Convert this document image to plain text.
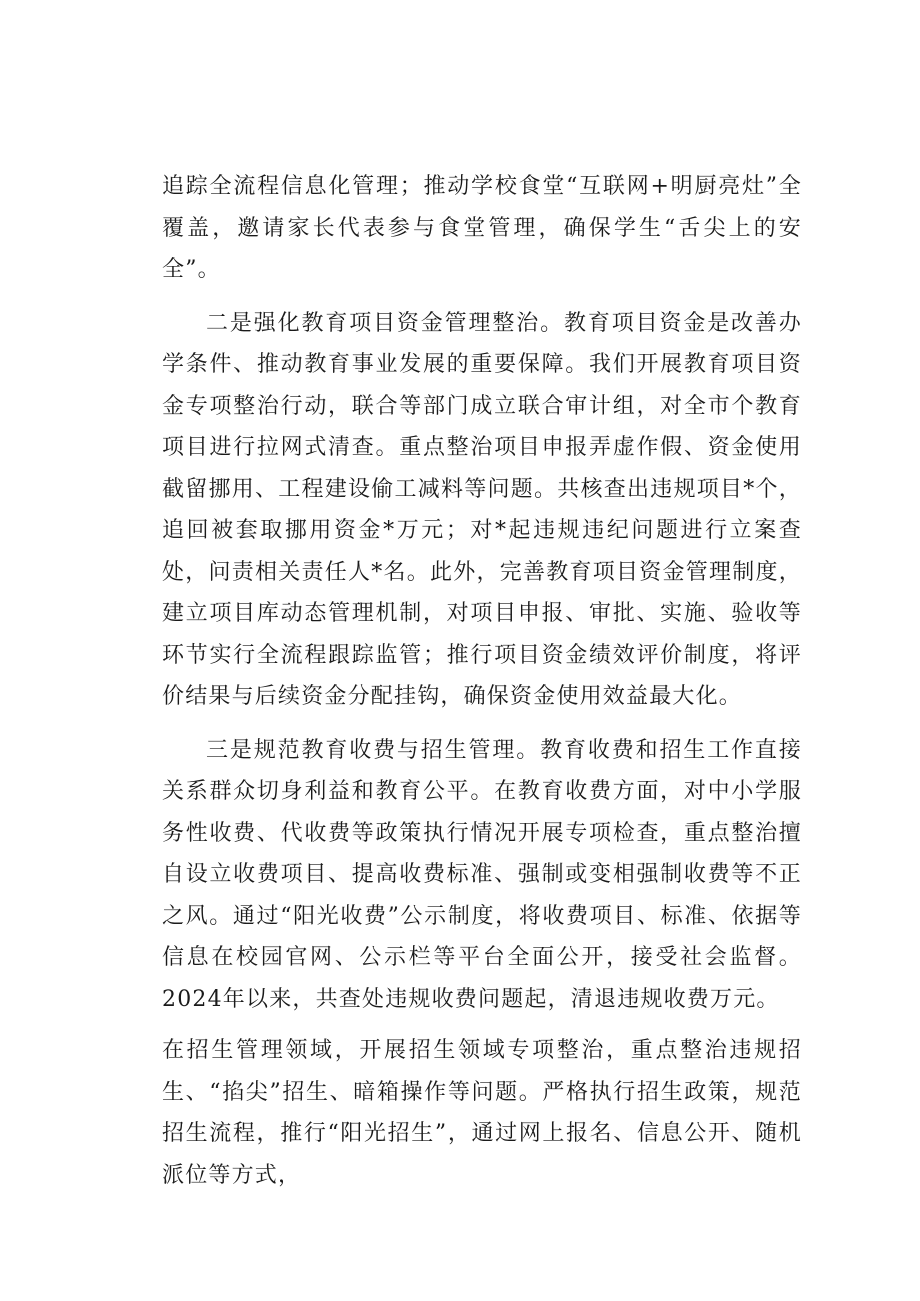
追踪全流程信息化管理；推动学校食堂“互联网+明厨亮灶”全覆盖，邀请家长代表参与食堂管理，确保学生“舌尖上的安全”。

二是强化教育项目资金管理整治。教育项目资金是改善办学条件、推动教育事业发展的重要保障。我们开展教育项目资金专项整治行动，联合等部门成立联合审计组，对全市个教育项目进行拉网式清查。重点整治项目申报弄虚作假、资金使用截留挪用、工程建设偷工减料等问题。共核查出违规项目*个，追回被套取挪用资金*万元；对*起违规违纪问题进行立案查处，问责相关责任人*名。此外，完善教育项目资金管理制度，建立项目库动态管理机制，对项目申报、审批、实施、验收等环节实行全流程跟踪监管；推行项目资金绩效评价制度，将评价结果与后续资金分配挂钩，确保资金使用效益最大化。

三是规范教育收费与招生管理。教育收费和招生工作直接关系群众切身利益和教育公平。在教育收费方面，对中小学服务性收费、代收费等政策执行情况开展专项检查，重点整治擅自设立收费项目、提高收费标准、强制或变相强制收费等不正之风。通过“阳光收费”公示制度，将收费项目、标准、依据等信息在校园官网、公示栏等平台全面公开，接受社会监督。2024年以来，共查处违规收费问题起，清退违规收费万元。

在招生管理领域，开展招生领域专项整治，重点整治违规招生、“掐尖”招生、暗箱操作等问题。严格执行招生政策，规范招生流程，推行“阳光招生”，通过网上报名、信息公开、随机派位等方式，
